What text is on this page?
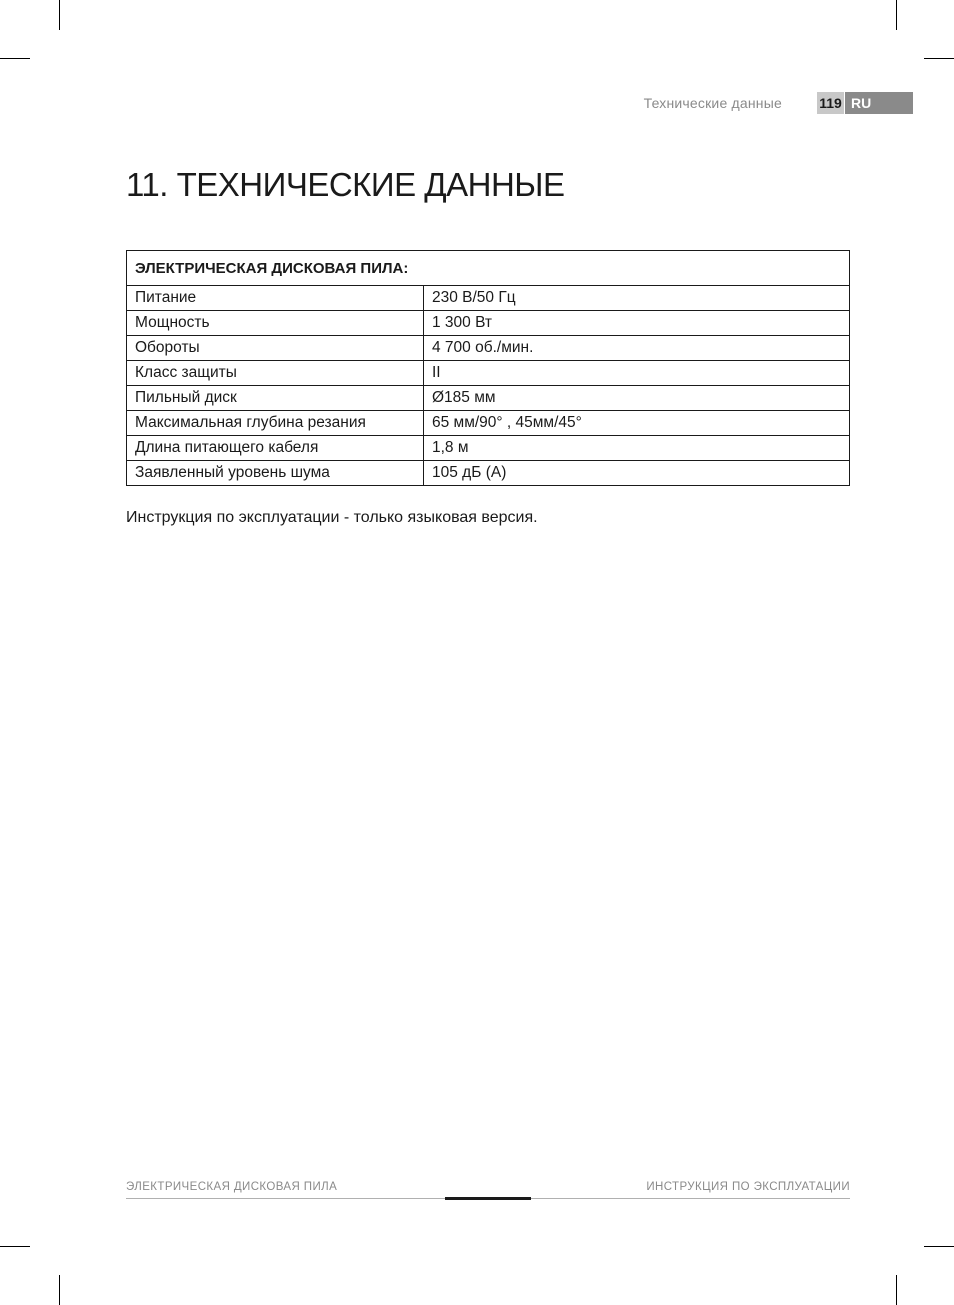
Технические данные	119 RU
11. ТЕХНИЧЕСКИЕ ДАННЫЕ
ЭЛЕКТРИЧЕСКАЯ ДИСКОВАЯ ПИЛА:	
Питание	230 В/50 Гц
Мощность	1 300 Вт
Обороты	4 700 об./мин.
Класс защиты	II
Пильный диск	Ø185 мм
Максимальная глубина резания	65 мм/90° , 45мм/45°
Длина питающего кабеля	1,8 м
Заявленный уровень шума	105 дБ (А)
Инструкция по эксплуатации - только языковая версия.
ЭЛЕКТРИЧЕСКАЯ ДИСКОВАЯ ПИЛА	ИНСТРУКЦИЯ ПО ЭКСПЛУАТАЦИИ
